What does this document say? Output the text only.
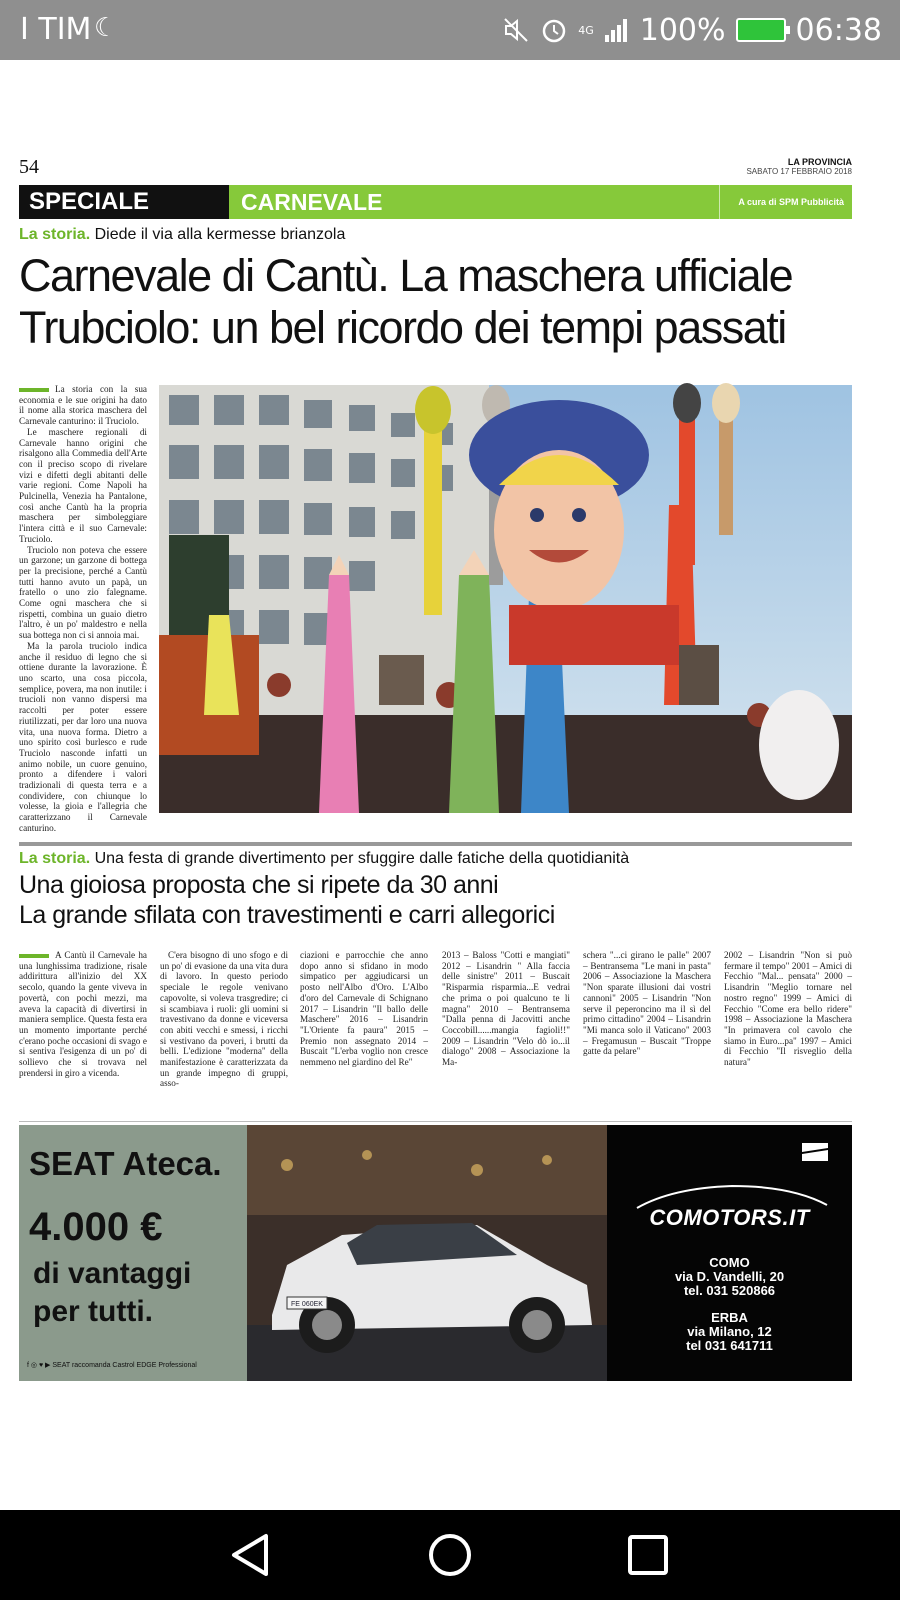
I TIM ☾	4G 100% 06:38
54	LA PROVINCIA
SABATO 17 FEBBRAIO 2018
SPECIALE	CARNEVALE	A cura di SPM Pubblicità
La storia. Diede il via alla kermesse brianzola
Carnevale di Cantù. La maschera ufficiale
Trubciolo: un bel ricordo dei tempi passati

La storia con la sua economia e le sue origini ha dato il nome alla storica maschera del Carnevale canturino: il Truciolo.

Le maschere regionali di Carnevale hanno origini che risalgono alla Commedia dell'Arte con il preciso scopo di rivelare vizi e difetti degli abitanti delle varie regioni. Come Napoli ha Pulcinella, Venezia ha Pantalone, così anche Cantù ha la propria maschera per simboleggiare l'intera città e il suo Carnevale: Truciolo.

Truciolo non poteva che essere un garzone; un garzone di bottega per la precisione, perché a Cantù tutti hanno avuto un papà, un fratello o uno zio falegname. Come ogni maschera che si rispetti, combina un guaio dietro l'altro, è un po' maldestro e nella sua bottega non ci si annoia mai.

Ma la parola truciolo indica anche il residuo di legno che si ottiene durante la lavorazione. È uno scarto, una cosa piccola, semplice, povera, ma non inutile: i trucioli non vanno dispersi ma raccolti per poter essere riutilizzati, per dar loro una nuova vita, una nuova forma. Dietro a uno spirito così burlesco e rude Truciolo nasconde infatti un animo nobile, un cuore genuino, pronto a difendere i valori tradizionali di questa terra e a condividere, con chiunque lo volesse, la gioia e l'allegria che caratterizzano il Carnevale canturino.

La storia. Una festa di grande divertimento per sfuggire dalle fatiche della quotidianità
Una gioiosa proposta che si ripete da 30 anni
La grande sfilata con travestimenti e carri allegorici

A Cantù il Carnevale ha una lunghissima tradizione, risale addirittura all'inizio del XX secolo, quando la gente viveva in povertà, con pochi mezzi, ma aveva la capacità di divertirsi in maniera semplice. Questa festa era un momento importante perché c'erano poche occasioni di svago e si sentiva l'esigenza di un po' di sollievo che si trovava nel prendersi in giro a vicenda.

C'era bisogno di uno sfogo e di un po' di evasione da una vita dura di lavoro. In questo periodo speciale le regole venivano capovolte, si voleva trasgredire; ci si scambiava i ruoli: gli uomini si travestivano da donne e viceversa con abiti vecchi e smessi, i ricchi si vestivano da poveri, i brutti da belli. L'edizione "moderna" della manifestazione è caratterizzata da un grande impegno di gruppi, asso-

ciazioni e parrocchie che anno dopo anno si sfidano in modo simpatico per aggiudicarsi un posto nell'Albo d'Oro. L'Albo d'oro del Carnevale di Schignano 2017 – Lisandrin "Il ballo delle Maschere" 2016 – Lisandrin "L'Oriente fa paura" 2015 – Premio non assegnato 2014 – Buscait "L'erba voglio non cresce nemmeno nel giardino del Re"

2013 – Baloss "Cotti e mangiati" 2012 – Lisandrin " Alla faccia delle sinistre" 2011 – Buscait "Risparmia risparmia...E vedrai che prima o poi qualcuno te li magna" 2010 – Bentransema "Dalla penna di Jacovitti anche Coccobill......mangia fagioli!!" 2009 – Lisandrin "Velo dò io...il dialogo" 2008 – Associazione la Ma-

schera "...ci girano le palle" 2007 – Bentransema "Le mani in pasta" 2006 – Associazione la Maschera "Non sparate illusioni dai vostri cannoni" 2005 – Lisandrin "Non serve il peperoncino ma il sì del primo cittadino" 2004 – Lisandrin "Mi manca solo il Vaticano" 2003 – Fregamusun – Buscait "Troppe gatte da pelare"

2002 – Lisandrin "Non si può fermare il tempo" 2001 – Amici di Fecchio "Mal... pensata" 2000 – Lisandrin "Meglio tornare nel nostro regno" 1999 – Amici di Fecchio "Come era bello ridere" 1998 – Associazione la Maschera "In primavera col cavolo che siamo in Euro...pa" 1997 – Amici di Fecchio "Il risveglio della natura"

SEAT Ateca.
4.000 €
di vantaggi
per tutti.
f ◎ ♥ ▶ SEAT raccomanda Castrol EDGE Professional
FE 060EK
COMOTORS.IT
COMO
via D. Vandelli, 20
tel. 031 520866
ERBA
via Milano, 12
tel 031 641711
